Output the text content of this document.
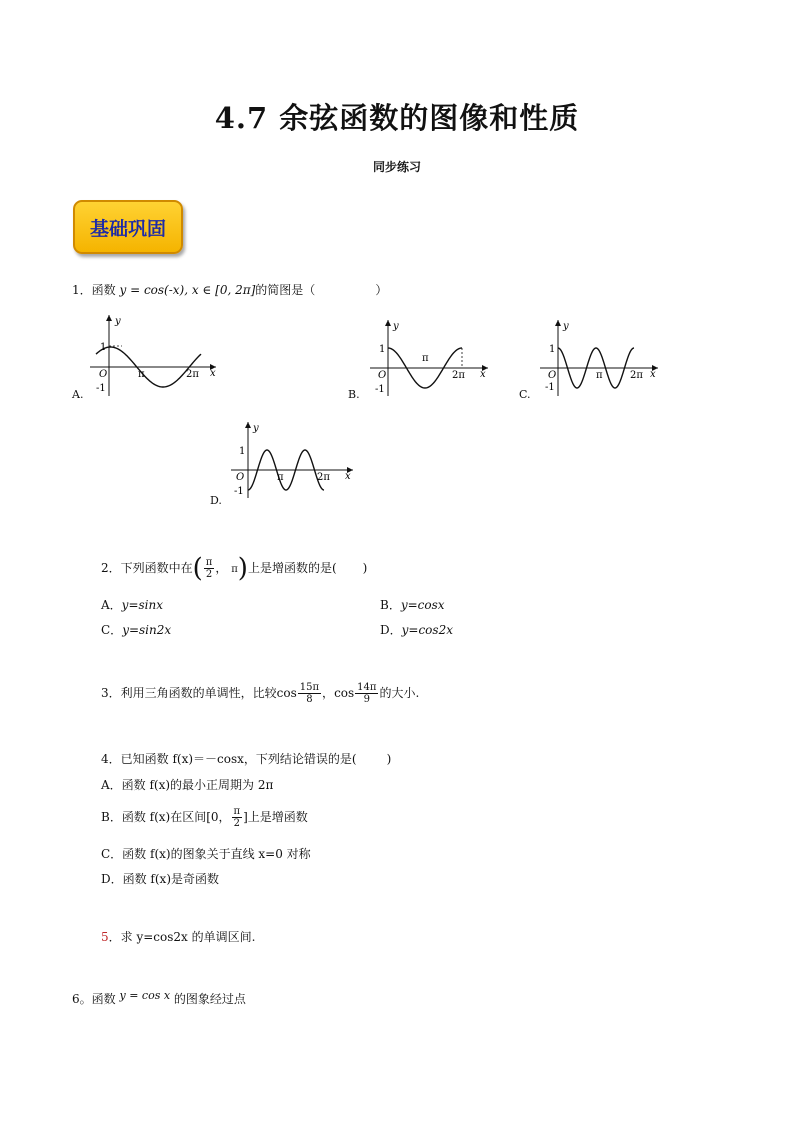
4.7 余弦函数的图像和性质
同步练习
基础巩固
1．函数 y = cos(-x), x ∈ [0, 2π]的简图是（	）
A.	B.	C.
D.
y
x
1
-1
O	π	2π
y
x
1
-1
O
π
2π
y
x
1
-1
O	π	2π
y
x
1
-1
O	π	2π
2．下列函数中在( $\frac{\pi}{2}$ ， π)上是增函数的是( )
A．y=sinx	B．y=cosx
C．y=sin2x	D．y=cos2x
3．利用三角函数的单调性，比较$\cos \frac{15\pi}{8}$ ，$\cos \frac{14\pi}{9}$ 的大小.
4．已知函数 f(x)＝－cosx，下列结论错误的是(	)
A．函数 f(x)的最小正周期为 2π
B．函数 f(x)在区间[0， $\frac{\pi}{2}$ ]上是增函数
C．函数 f(x)的图象关于直线 x=0 对称
D．函数 f(x)是奇函数
5．求 y=cos2x 的单调区间.
6。函数 y = cos x 的图象经过点
